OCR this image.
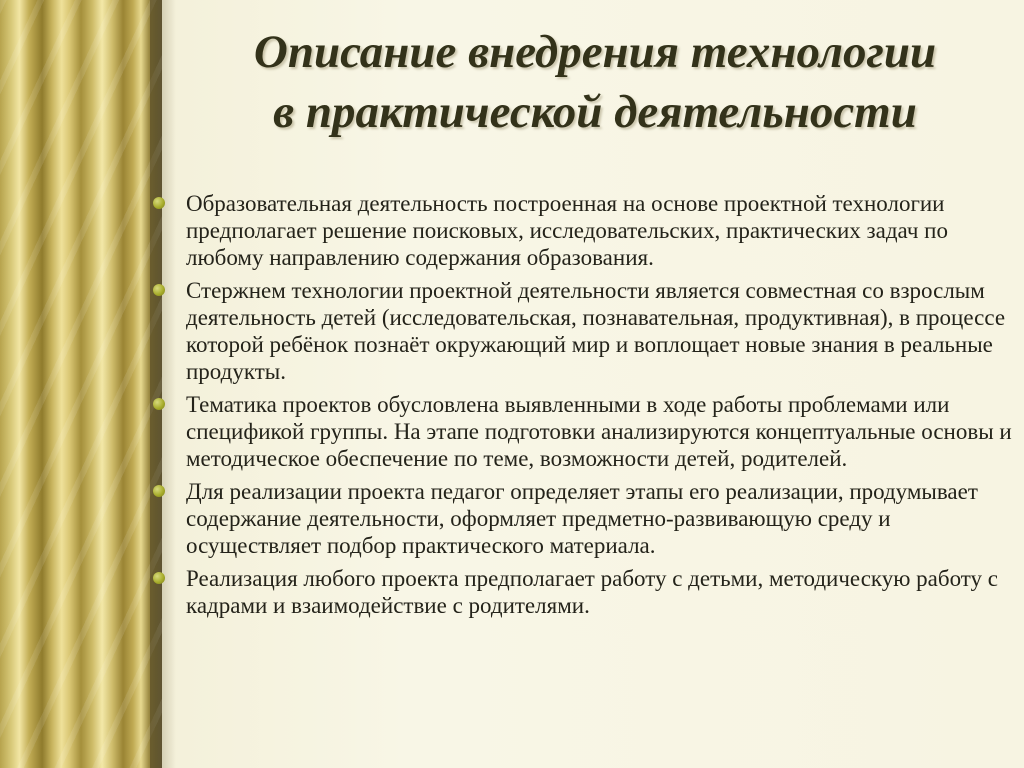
Описание внедрения технологии
в практической деятельности
Образовательная деятельность построенная на основе проектной технологии предполагает решение поисковых, исследовательских, практических задач по любому направлению содержания образования.
Стержнем технологии проектной деятельности является совместная со взрослым деятельность детей (исследовательская, познавательная, продуктивная), в процессе которой ребёнок познаёт окружающий мир и воплощает новые знания в реальные продукты.
Тематика проектов обусловлена выявленными в ходе работы проблемами или спецификой группы. На этапе подготовки анализируются концептуальные основы и методическое обеспечение по теме, возможности детей, родителей.
Для реализации проекта педагог определяет этапы его реализации, продумывает содержание деятельности, оформляет предметно-развивающую среду и осуществляет подбор практического материала.
Реализация любого проекта предполагает работу с детьми, методическую работу с кадрами и взаимодействие с родителями.
